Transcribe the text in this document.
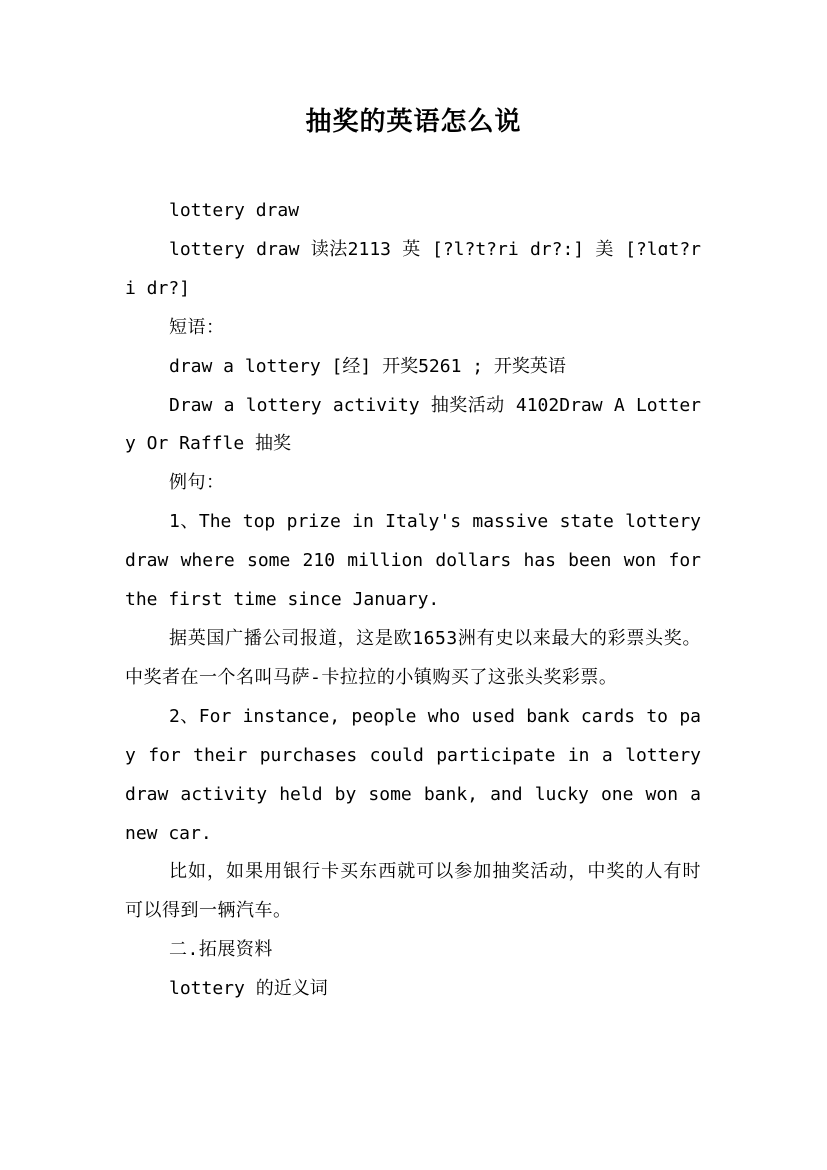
抽奖的英语怎么说

lottery draw

lottery draw 读法2113 英 [?l?t?ri dr?:] 美 [?lɑt?ri dr?]

短语：

draw a lottery [经] 开奖5261 ; 开奖英语

Draw a lottery activity 抽奖活动 4102Draw A Lottery Or Raffle 抽奖

例句：

1、The top prize in Italy's massive state lottery draw where some 210 million dollars has been won for the first time since January.

据英国广播公司报道，这是欧1653洲有史以来最大的彩票头奖。 中奖者在一个名叫马萨-卡拉拉的小镇购买了这张头奖彩票。

2、For instance, people who used bank cards to pay for their purchases could participate in a lottery draw activity held by some bank, and lucky one won a new car.

比如，如果用银行卡买东西就可以参加抽奖活动，中奖的人有时可以得到一辆汽车。

二.拓展资料

lottery 的近义词
